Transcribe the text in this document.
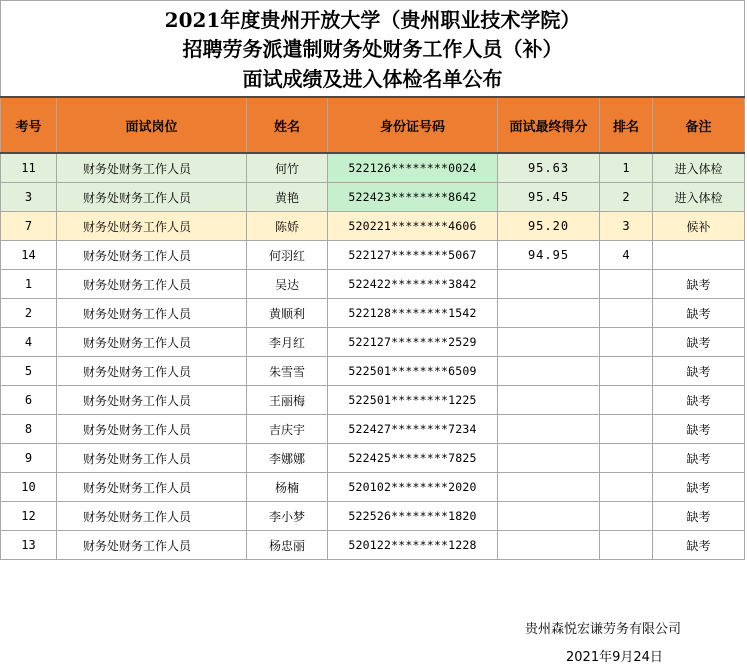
2021年度贵州开放大学（贵州职业技术学院）
招聘劳务派遣制财务处财务工作人员（补）
面试成绩及进入体检名单公布
考号	面试岗位	姓名	身份证号码	面试最终得分	排名	备注
11	财务处财务工作人员	何竹	522126********0024	95.63	1	进入体检
3	财务处财务工作人员	黄艳	522423********8642	95.45	2	进入体检
7	财务处财务工作人员	陈娇	520221********4606	95.20	3	候补
14	财务处财务工作人员	何羽红	522127********5067	94.95	4	
1	财务处财务工作人员	吴达	522422********3842			缺考
2	财务处财务工作人员	黄顺利	522128********1542			缺考
4	财务处财务工作人员	李月红	522127********2529			缺考
5	财务处财务工作人员	朱雪雪	522501********6509			缺考
6	财务处财务工作人员	王丽梅	522501********1225			缺考
8	财务处财务工作人员	吉庆宇	522427********7234			缺考
9	财务处财务工作人员	李娜娜	522425********7825			缺考
10	财务处财务工作人员	杨楠	520102********2020			缺考
12	财务处财务工作人员	李小梦	522526********1820			缺考
13	财务处财务工作人员	杨忠丽	520122********1228			缺考
贵州森悦宏谦劳务有限公司
2021年9月24日
